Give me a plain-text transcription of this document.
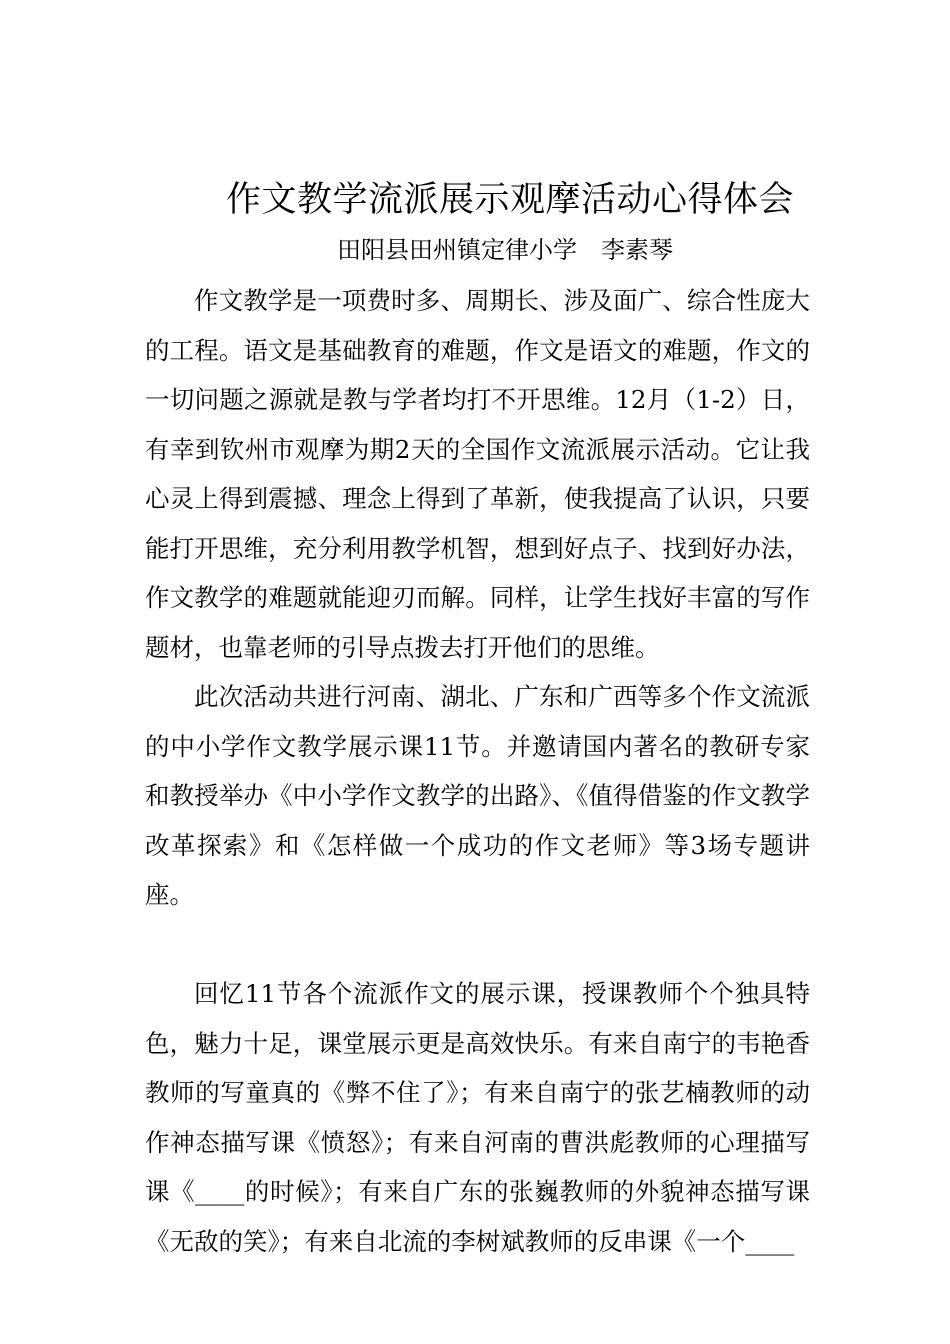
作文教学流派展示观摩活动心得体会
田阳县田州镇定律小学　李素琴

作文教学是一项费时多、周期长、涉及面广、综合性庞大的工程。语文是基础教育的难题，作文是语文的难题，作文的一切问题之源就是教与学者均打不开思维。12月（1-2）日，有幸到钦州市观摩为期2天的全国作文流派展示活动。它让我心灵上得到震撼、理念上得到了革新，使我提高了认识，只要能打开思维，充分利用教学机智，想到好点子、找到好办法，作文教学的难题就能迎刃而解。同样，让学生找好丰富的写作题材，也靠老师的引导点拨去打开他们的思维。

此次活动共进行河南、湖北、广东和广西等多个作文流派的中小学作文教学展示课11节。并邀请国内著名的教研专家和教授举办《中小学作文教学的出路》、《值得借鉴的作文教学改革探索》和《怎样做一个成功的作文老师》等3场专题讲座。

回忆11节各个流派作文的展示课，授课教师个个独具特色，魅力十足，课堂展示更是高效快乐。有来自南宁的韦艳香教师的写童真的《弊不住了》；有来自南宁的张艺楠教师的动作神态描写课《愤怒》；有来自河南的曹洪彪教师的心理描写课《____的时候》；有来自广东的张巍教师的外貌神态描写课《无敌的笑》；有来自北流的李树斌教师的反串课《一个____
